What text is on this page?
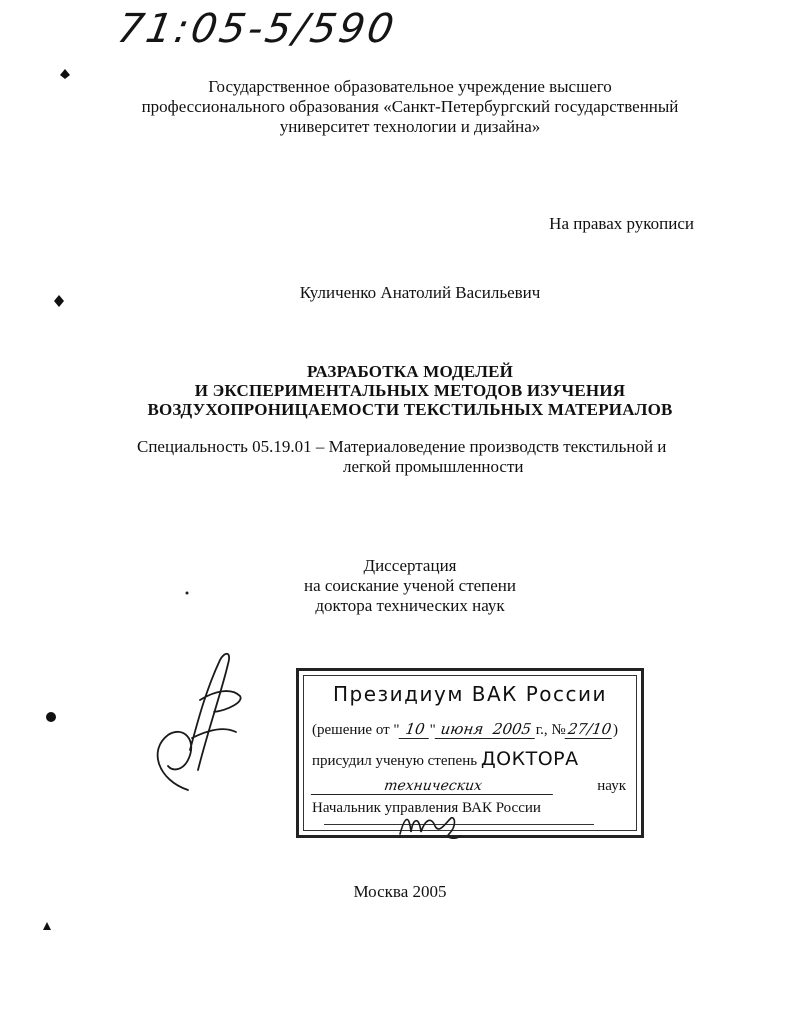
71:05-5/590
Государственное образовательное учреждение высшего
профессионального образования «Санкт-Петербургский государственный
университет технологии и дизайна»
На правах рукописи
Куличенко Анатолий Васильевич
РАЗРАБОТКА МОДЕЛЕЙ
И ЭКСПЕРИМЕНТАЛЬНЫХ МЕТОДОВ ИЗУЧЕНИЯ
ВОЗДУХОПРОНИЦАЕМОСТИ ТЕКСТИЛЬНЫХ МАТЕРИАЛОВ
Специальность 05.19.01 – Материаловедение производств текстильной и
легкой промышленности
Диссертация
на соискание ученой степени
доктора технических наук
Президиум ВАК России
(решение от " 10 " июня 2005 г., №27/10)
присудил ученую степень ДОКТОРА
технических	наук
Начальник управления ВАК России
Москва 2005
